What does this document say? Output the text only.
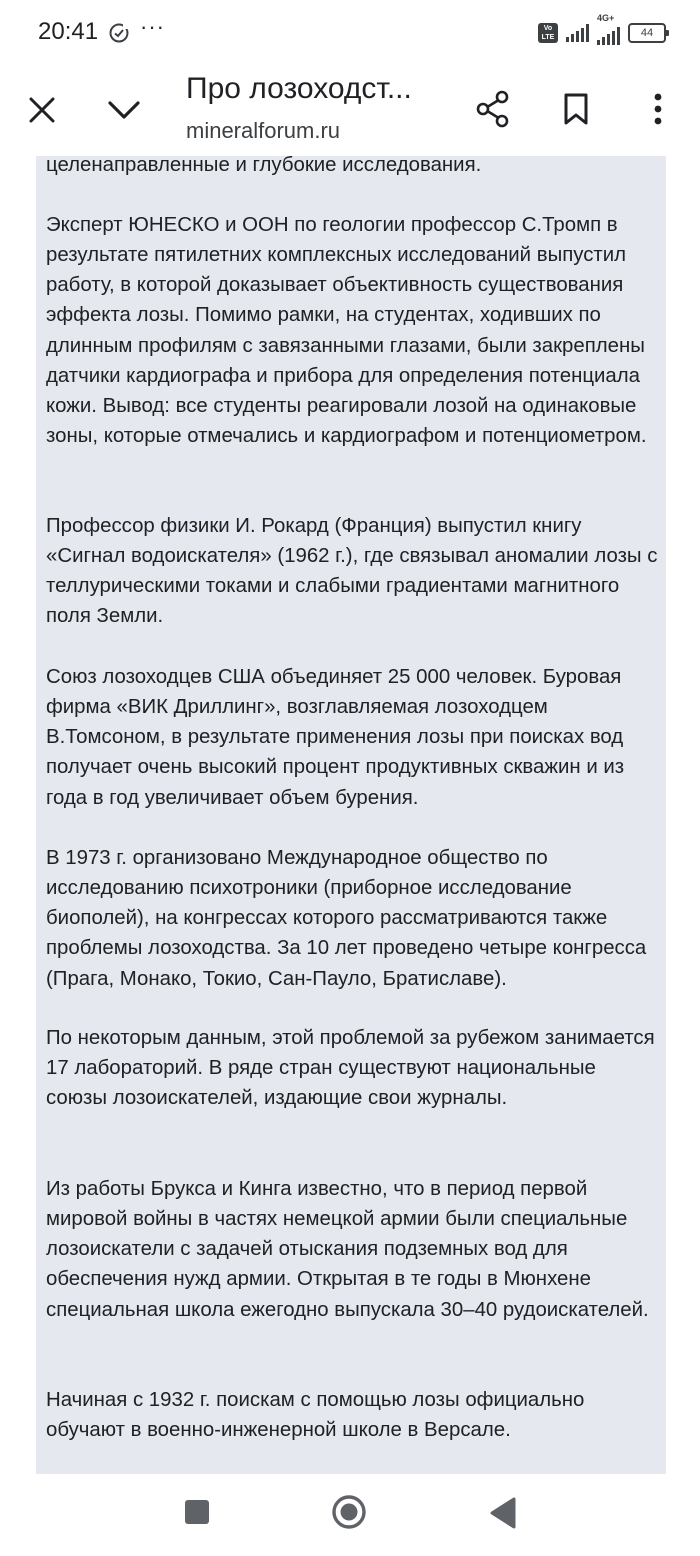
20:41 ···	Vo
LTE
4G+
44
Про лозоходст...
mineralforum.ru

целенаправленные и глубокие исследования.

Эксперт ЮНЕСКО и ООН по геологии профессор С.Тромп в результате пятилетних комплексных исследований выпустил работу, в которой доказывает объективность существования эффекта лозы. Помимо рамки, на студентах, ходивших по длинным профилям с завязанными глазами, были закреплены датчики кардиографа и прибора для определения потенциала кожи. Вывод: все студенты реагировали лозой на одинаковые зоны, которые отмечались и кардиографом и потенциометром.

Профессор физики И. Рокард (Франция) выпустил книгу «Сигнал водоискателя» (1962 г.), где связывал аномалии лозы с теллурическими токами и слабыми градиентами магнитного поля Земли.

Союз лозоходцев США объединяет 25 000 человек. Буровая фирма «ВИК Дриллинг», возглавляемая лозоходцем В.Томсоном, в результате применения лозы при поисках вод получает очень высокий процент продуктивных скважин и из года в год увеличивает объем бурения.

В 1973 г. организовано Международное общество по исследованию психотроники (приборное исследование биополей), на конгрессах которого рассматриваются также проблемы лозоходства. За 10 лет проведено четыре конгресса (Прага, Монако, Токио, Сан-Пауло, Братиславе).

По некоторым данным, этой проблемой за рубежом занимается 17 лабораторий. В ряде стран существуют национальные союзы лозоискателей, издающие свои журналы.

Из работы Брукса и Кинга известно, что в период первой мировой войны в частях немецкой армии были специальные лозоискатели с задачей отыскания подземных вод для обеспечения нужд армии. Открытая в те годы в Мюнхене специальная школа ежегодно выпускала 30–40 рудоискателей.

Начиная с 1932 г. поискам с помощью лозы официально обучают в военно-инженерной школе в Версале.
